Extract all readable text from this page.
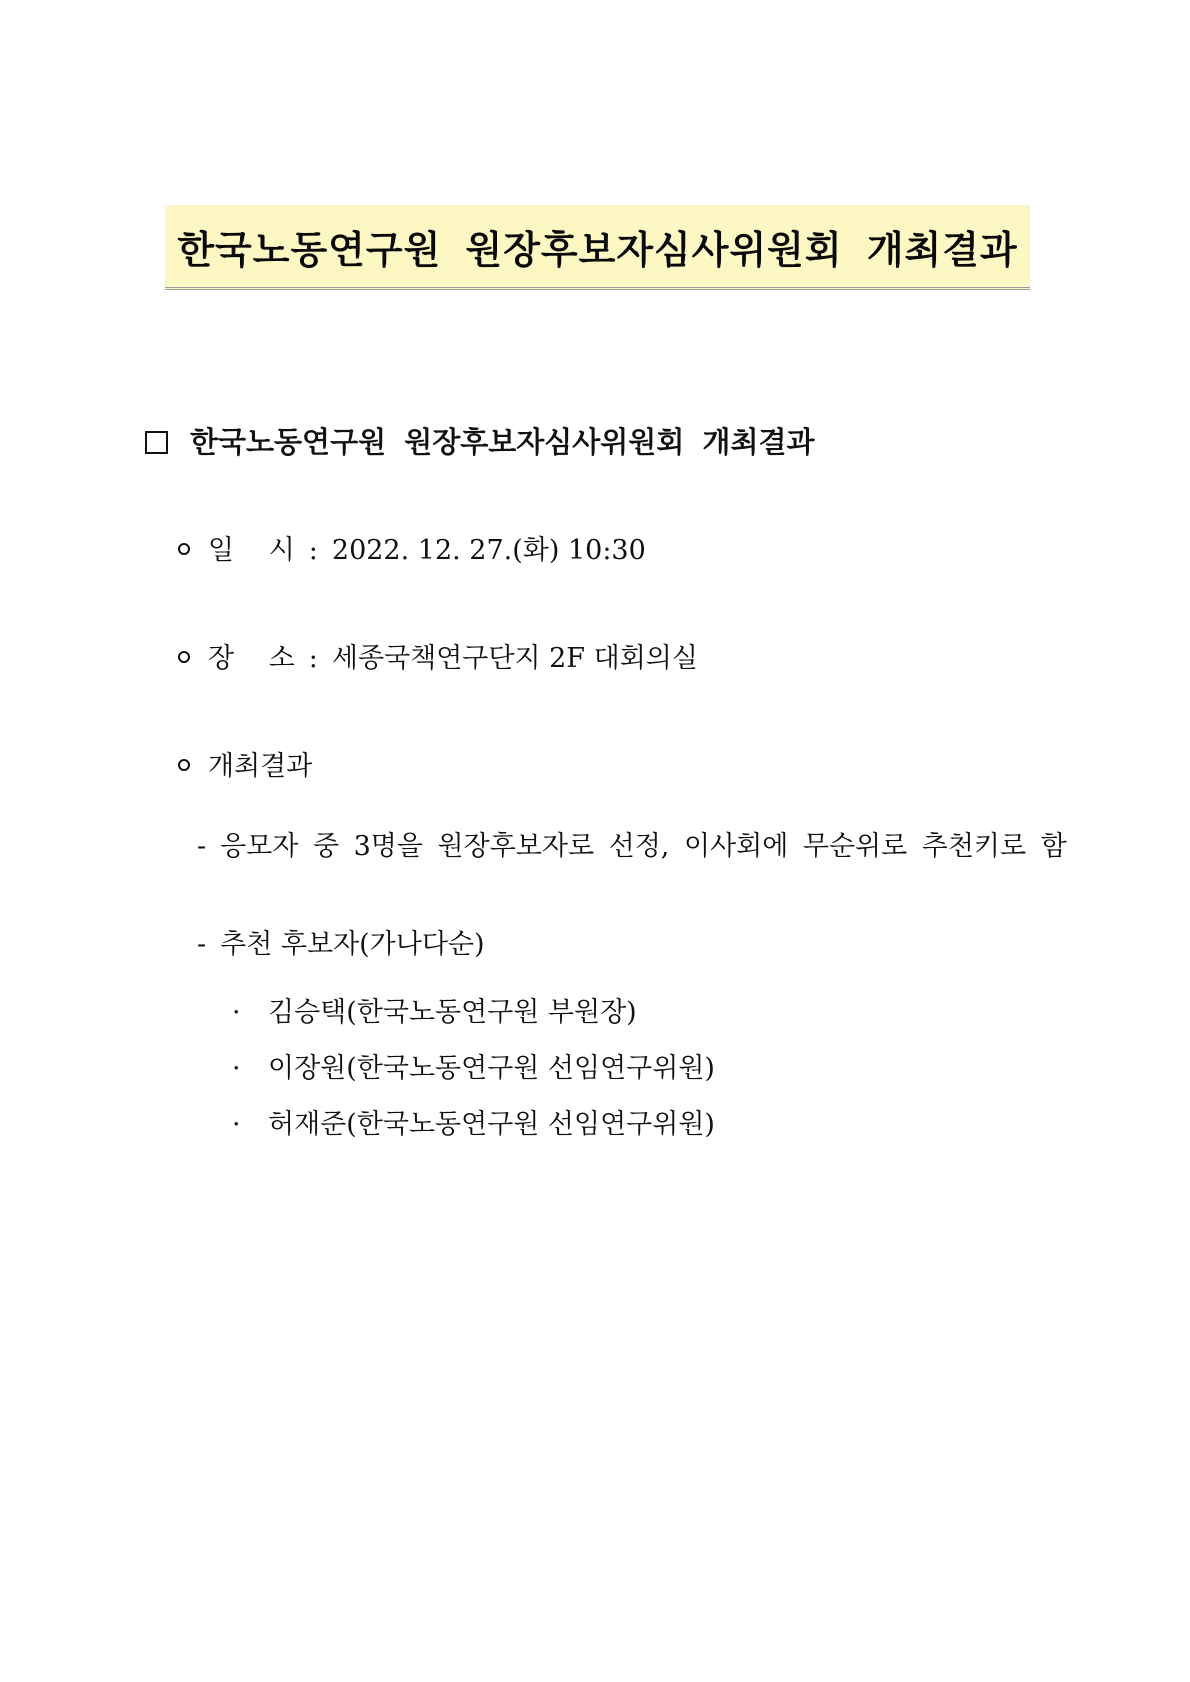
한국노동연구원 원장후보자심사위원회 개최결과
한국노동연구원 원장후보자심사위원회 개최결과
일 시 : 2022. 12. 27.(화) 10:30
장 소 : 세종국책연구단지 2F 대회의실
개최결과
- 응모자 중 3명을 원장후보자로 선정, 이사회에 무순위로 추천키로 함
- 추천 후보자(가나다순)
· 김승택(한국노동연구원 부원장)
· 이장원(한국노동연구원 선임연구위원)
· 허재준(한국노동연구원 선임연구위원)
